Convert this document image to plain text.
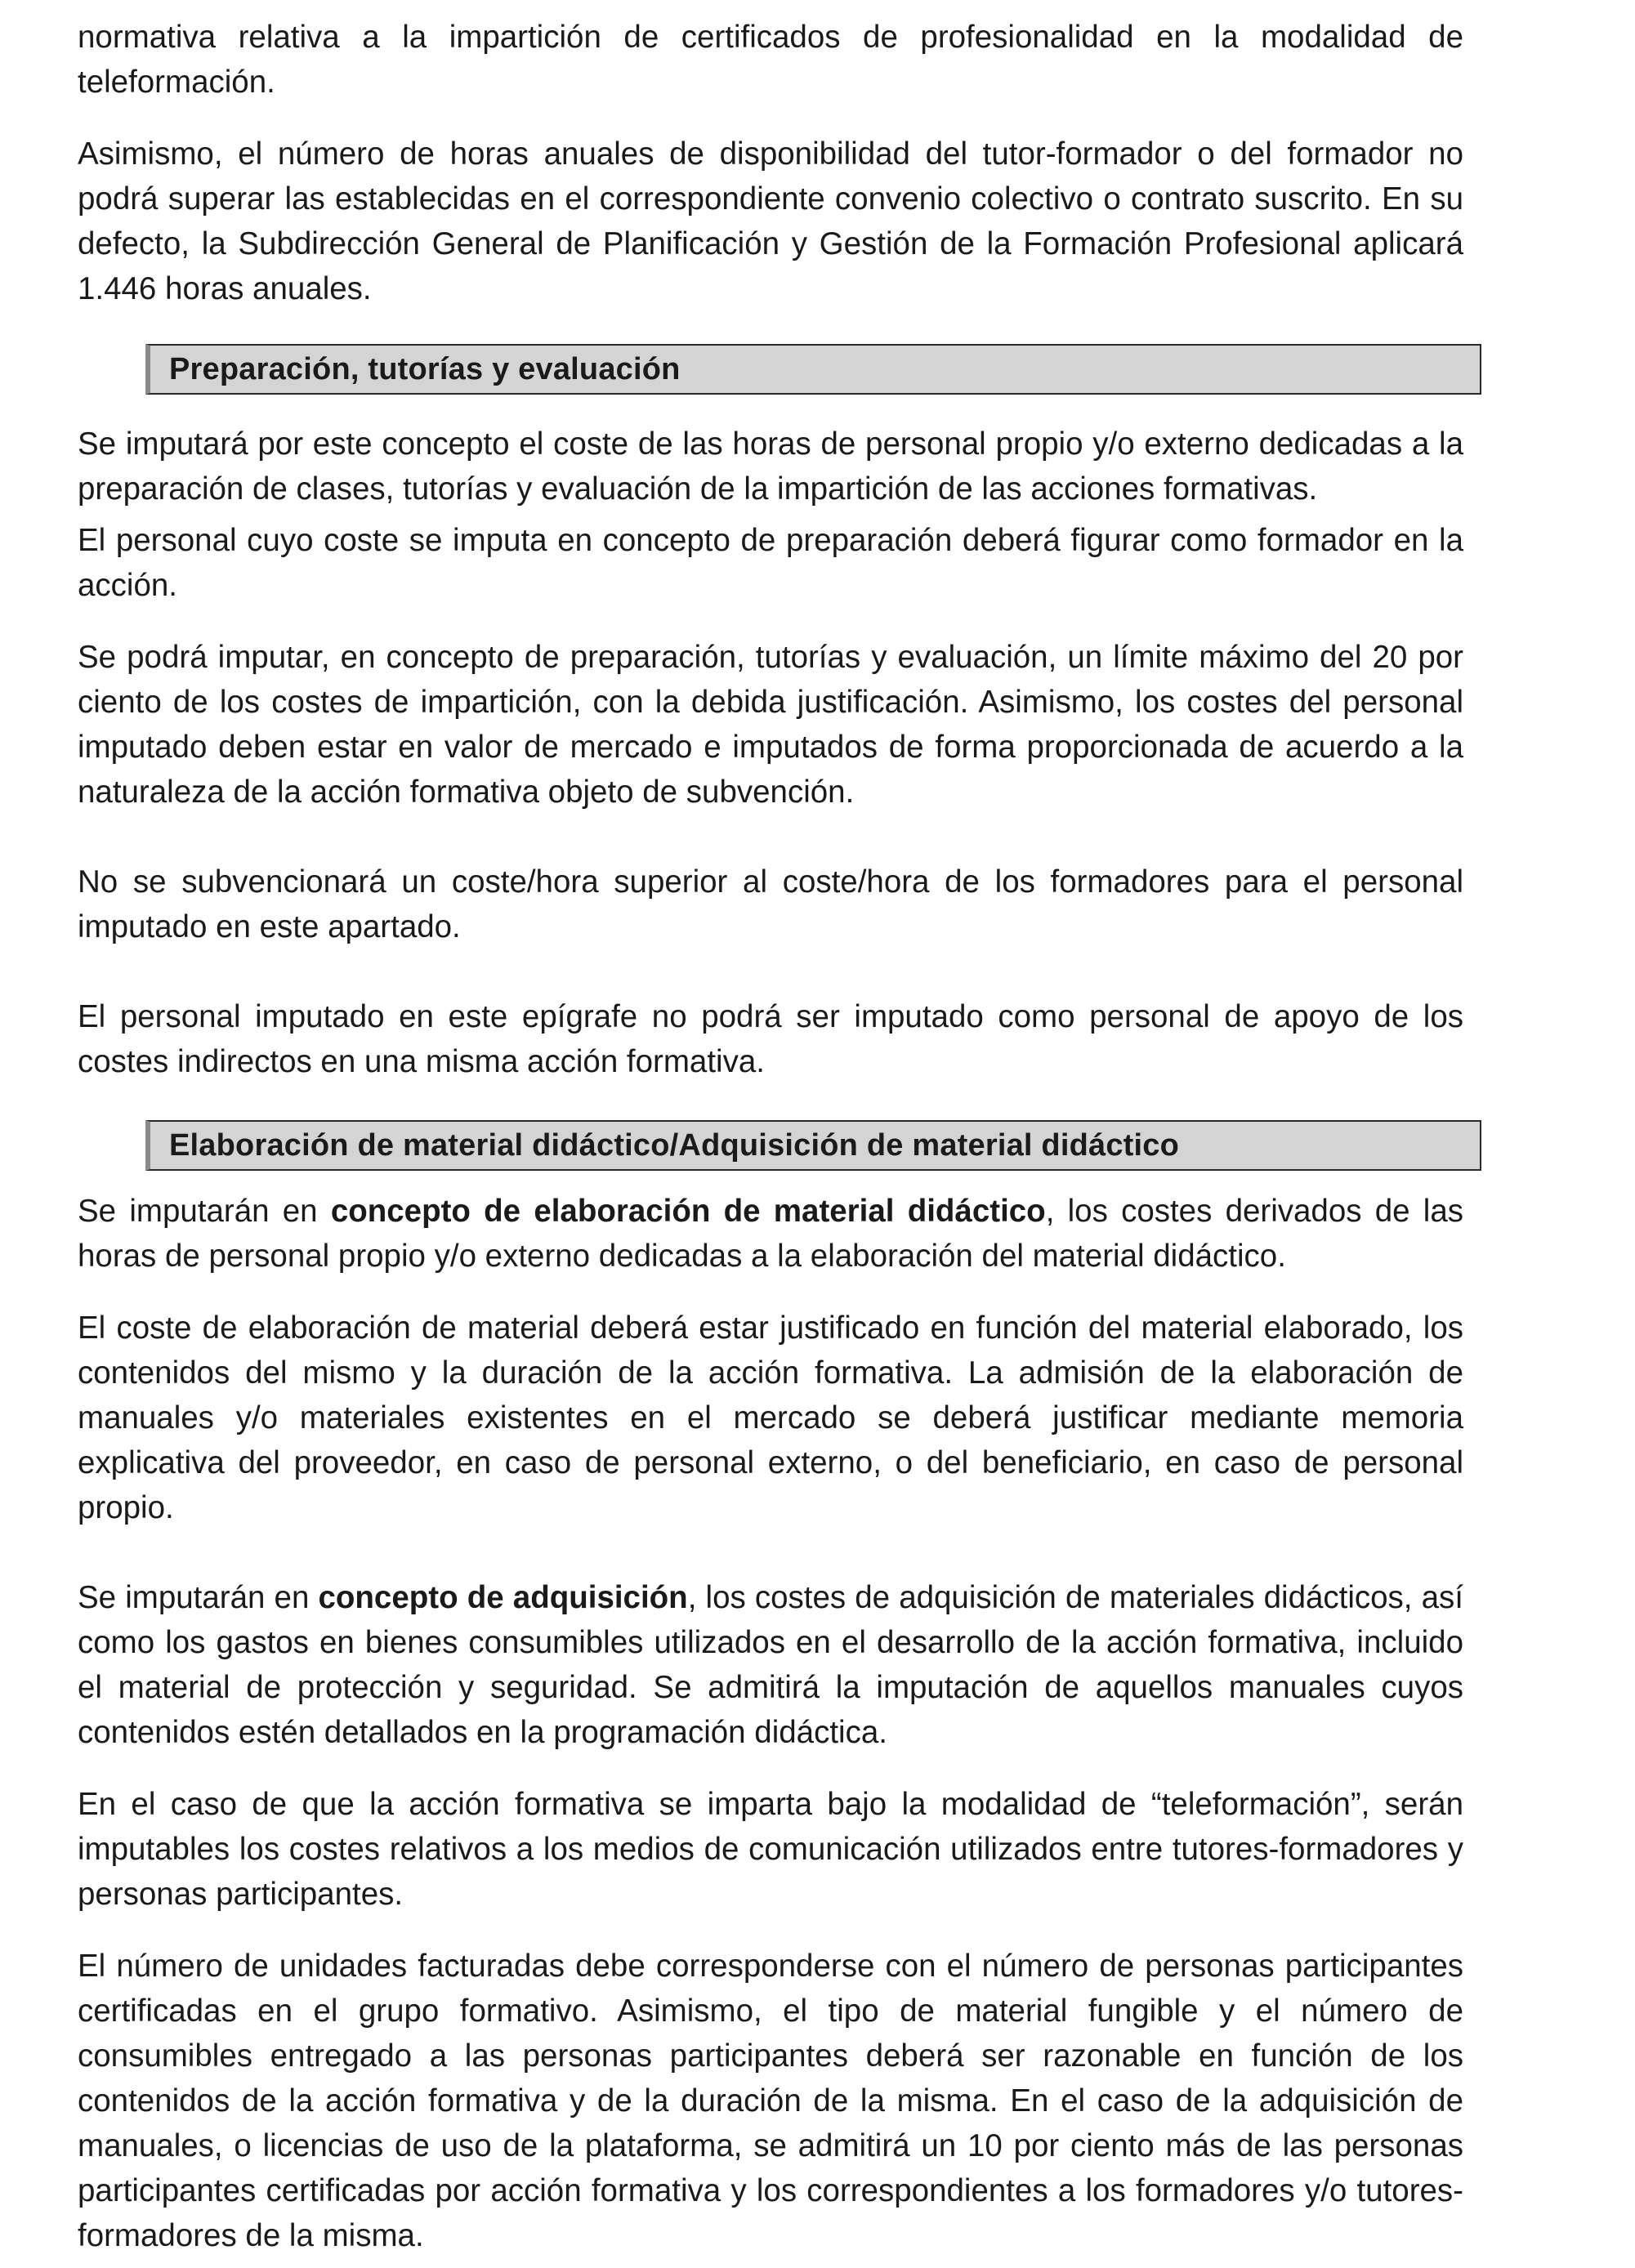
normativa relativa a la impartición de certificados de profesionalidad en la modalidad de teleformación.

Asimismo, el número de horas anuales de disponibilidad del tutor-formador o del formador no podrá superar las establecidas en el correspondiente convenio colectivo o contrato suscrito. En su defecto, la Subdirección General de Planificación y Gestión de la Formación Profesional aplicará 1.446 horas anuales.

Preparación, tutorías y evaluación

Se imputará por este concepto el coste de las horas de personal propio y/o externo dedicadas a la preparación de clases, tutorías y evaluación de la impartición de las acciones formativas.

El personal cuyo coste se imputa en concepto de preparación deberá figurar como formador en la acción.

Se podrá imputar, en concepto de preparación, tutorías y evaluación, un límite máximo del 20 por ciento de los costes de impartición, con la debida justificación. Asimismo, los costes del personal imputado deben estar en valor de mercado e imputados de forma proporcionada de acuerdo a la naturaleza de la acción formativa objeto de subvención.

No se subvencionará un coste/hora superior al coste/hora de los formadores para el personal imputado en este apartado.

El personal imputado en este epígrafe no podrá ser imputado como personal de apoyo de los costes indirectos en una misma acción formativa.

Elaboración de material didáctico/Adquisición de material didáctico

Se imputarán en concepto de elaboración de material didáctico, los costes derivados de las horas de personal propio y/o externo dedicadas a la elaboración del material didáctico.

El coste de elaboración de material deberá estar justificado en función del material elaborado, los contenidos del mismo y la duración de la acción formativa. La admisión de la elaboración de manuales y/o materiales existentes en el mercado se deberá justificar mediante memoria explicativa del proveedor, en caso de personal externo, o del beneficiario, en caso de personal propio.

Se imputarán en concepto de adquisición, los costes de adquisición de materiales didácticos, así como los gastos en bienes consumibles utilizados en el desarrollo de la acción formativa, incluido el material de protección y seguridad. Se admitirá la imputación de aquellos manuales cuyos contenidos estén detallados en la programación didáctica.

En el caso de que la acción formativa se imparta bajo la modalidad de “teleformación”, serán imputables los costes relativos a los medios de comunicación utilizados entre tutores-formadores y personas participantes.

El número de unidades facturadas debe corresponderse con el número de personas participantes certificadas en el grupo formativo. Asimismo, el tipo de material fungible y el número de consumibles entregado a las personas participantes deberá ser razonable en función de los contenidos de la acción formativa y de la duración de la misma. En el caso de la adquisición de manuales, o licencias de uso de la plataforma, se admitirá un 10 por ciento más de las personas participantes certificadas por acción formativa y los correspondientes a los formadores y/o tutores-formadores de la misma.
